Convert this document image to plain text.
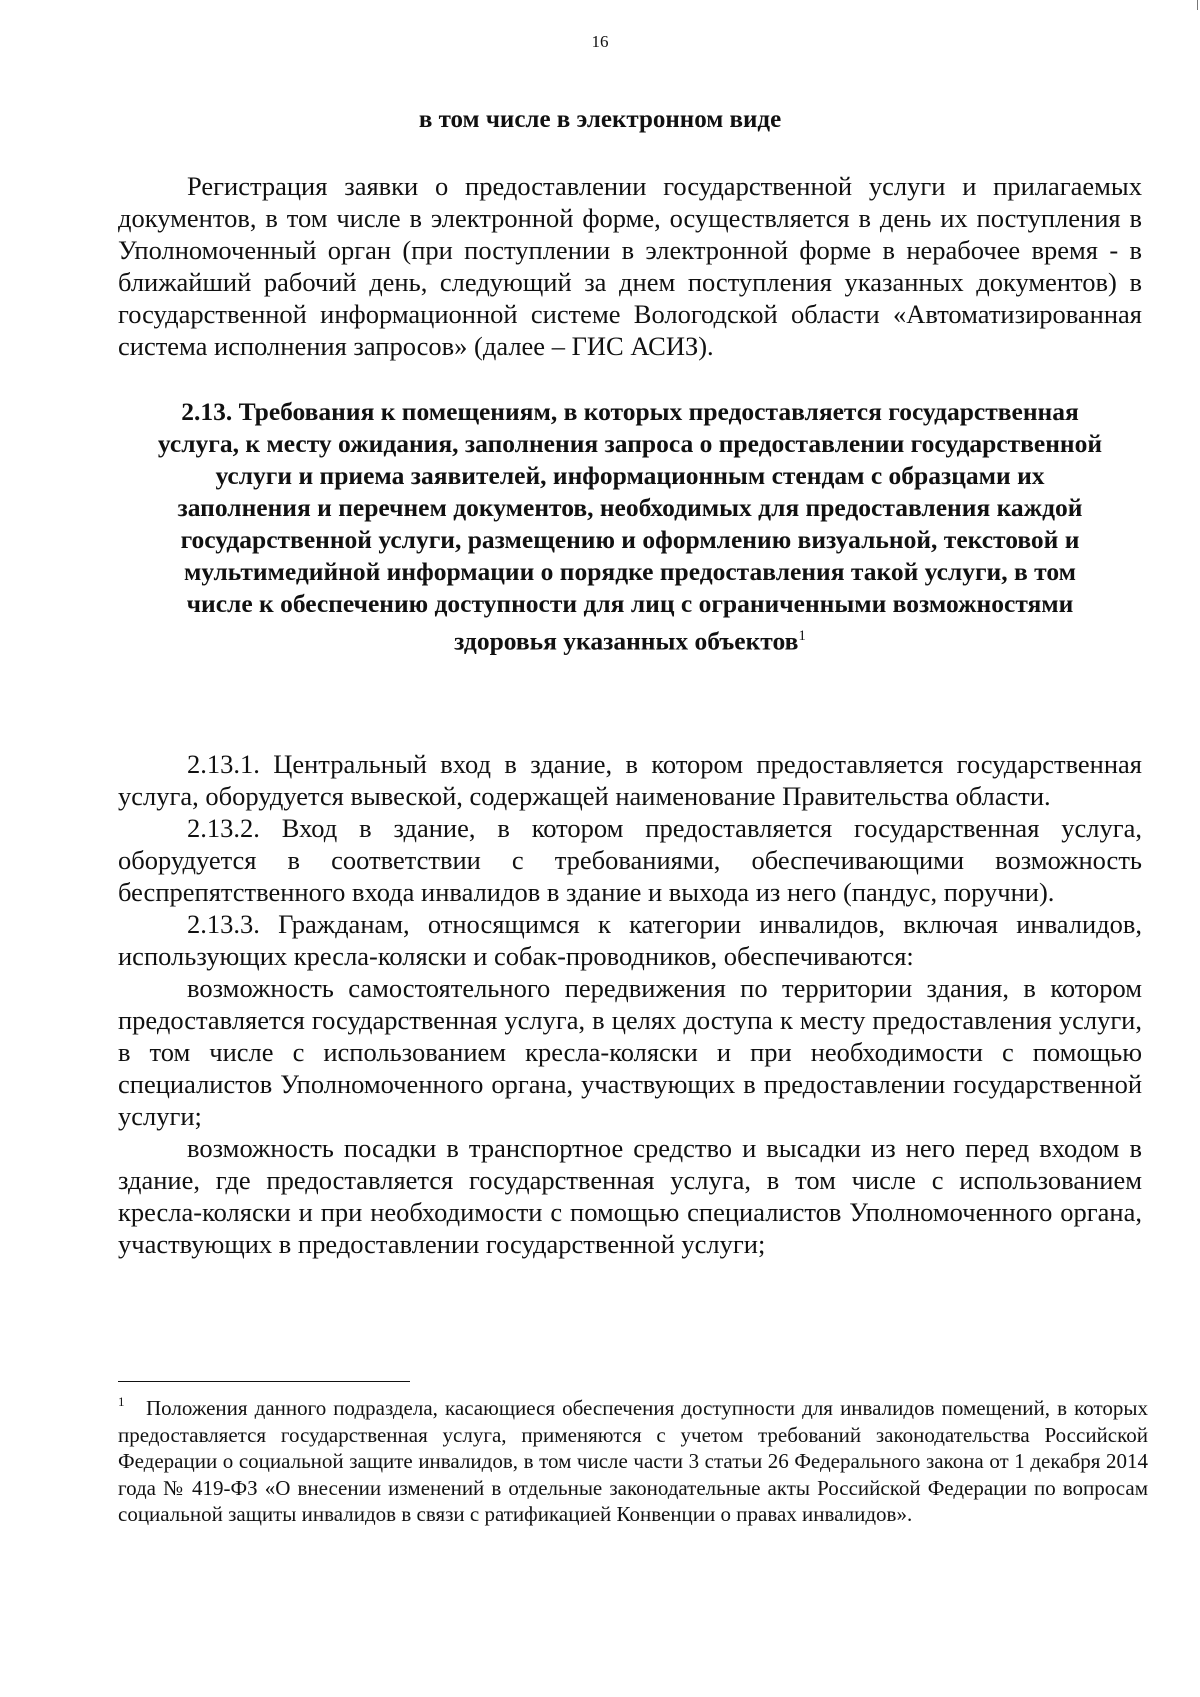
16
в том числе в электронном виде

Регистрация заявки о предоставлении государственной услуги и прилагаемых документов, в том числе в электронной форме, осуществляется в день их поступления в Уполномоченный орган (при поступлении в электронной форме в нерабочее время - в ближайший рабочий день, следующий за днем поступления указанных документов) в государственной информационной системе Вологодской области «Автоматизированная система исполнения запросов» (далее – ГИС АСИЗ).

2.13. Требования к помещениям, в которых предоставляется государственная услуга, к месту ожидания, заполнения запроса о предоставлении государственной услуги и приема заявителей, информационным стендам с образцами их заполнения и перечнем документов, необходимых для предоставления каждой государственной услуги, размещению и оформлению визуальной, текстовой и мультимедийной информации о порядке предоставления такой услуги, в том числе к обеспечению доступности для лиц с ограниченными возможностями здоровья указанных объектов$^1$

2.13.1. Центральный вход в здание, в котором предоставляется государственная услуга, оборудуется вывеской, содержащей наименование Правительства области.

2.13.2. Вход в здание, в котором предоставляется государственная услуга, оборудуется в соответствии с требованиями, обеспечивающими возможность беспрепятственного входа инвалидов в здание и выхода из него (пандус, поручни).

2.13.3. Гражданам, относящимся к категории инвалидов, включая инвалидов, использующих кресла-коляски и собак-проводников, обеспечиваются:

возможность самостоятельного передвижения по территории здания, в котором предоставляется государственная услуга, в целях доступа к месту предоставления услуги, в том числе с использованием кресла-коляски и при необходимости с помощью специалистов Уполномоченного органа, участвующих в предоставлении государственной услуги;

возможность посадки в транспортное средство и высадки из него перед входом в здание, где предоставляется государственная услуга, в том числе с использованием кресла-коляски и при необходимости с помощью специалистов Уполномоченного органа, участвующих в предоставлении государственной услуги;

1	Положения данного подраздела, касающиеся обеспечения доступности для инвалидов помещений, в которых предоставляется государственная услуга, применяются с учетом требований законодательства Российской Федерации о социальной защите инвалидов, в том числе части 3 статьи 26 Федерального закона от 1 декабря 2014 года № 419-ФЗ «О внесении изменений в отдельные законодательные акты Российской Федерации по вопросам социальной защиты инвалидов в связи с ратификацией Конвенции о правах инвалидов».
